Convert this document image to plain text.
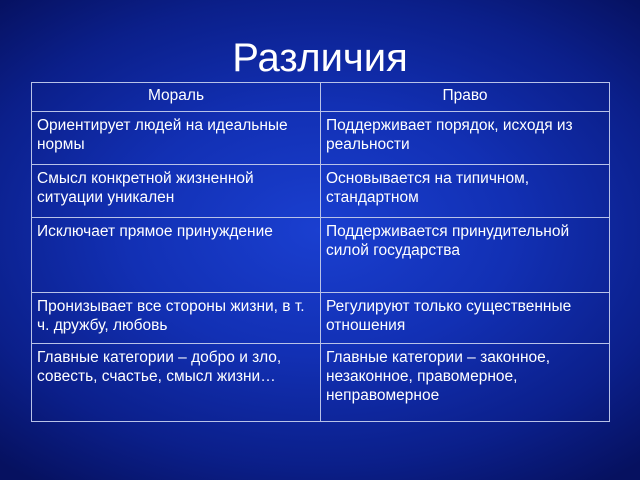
Различия
Мораль	Право
Ориентирует людей на идеальные нормы	Поддерживает порядок, исходя из реальности
Смысл конкретной жизненной ситуации уникален	Основывается на типичном, стандартном
Исключает прямое принуждение	Поддерживается принудительной силой государства
Пронизывает все стороны жизни, в т. ч. дружбу, любовь	Регулируют только существенные отношения
Главные категории – добро и зло, совесть, счастье, смысл жизни…	Главные категории – законное, незаконное, правомерное, неправомерное
